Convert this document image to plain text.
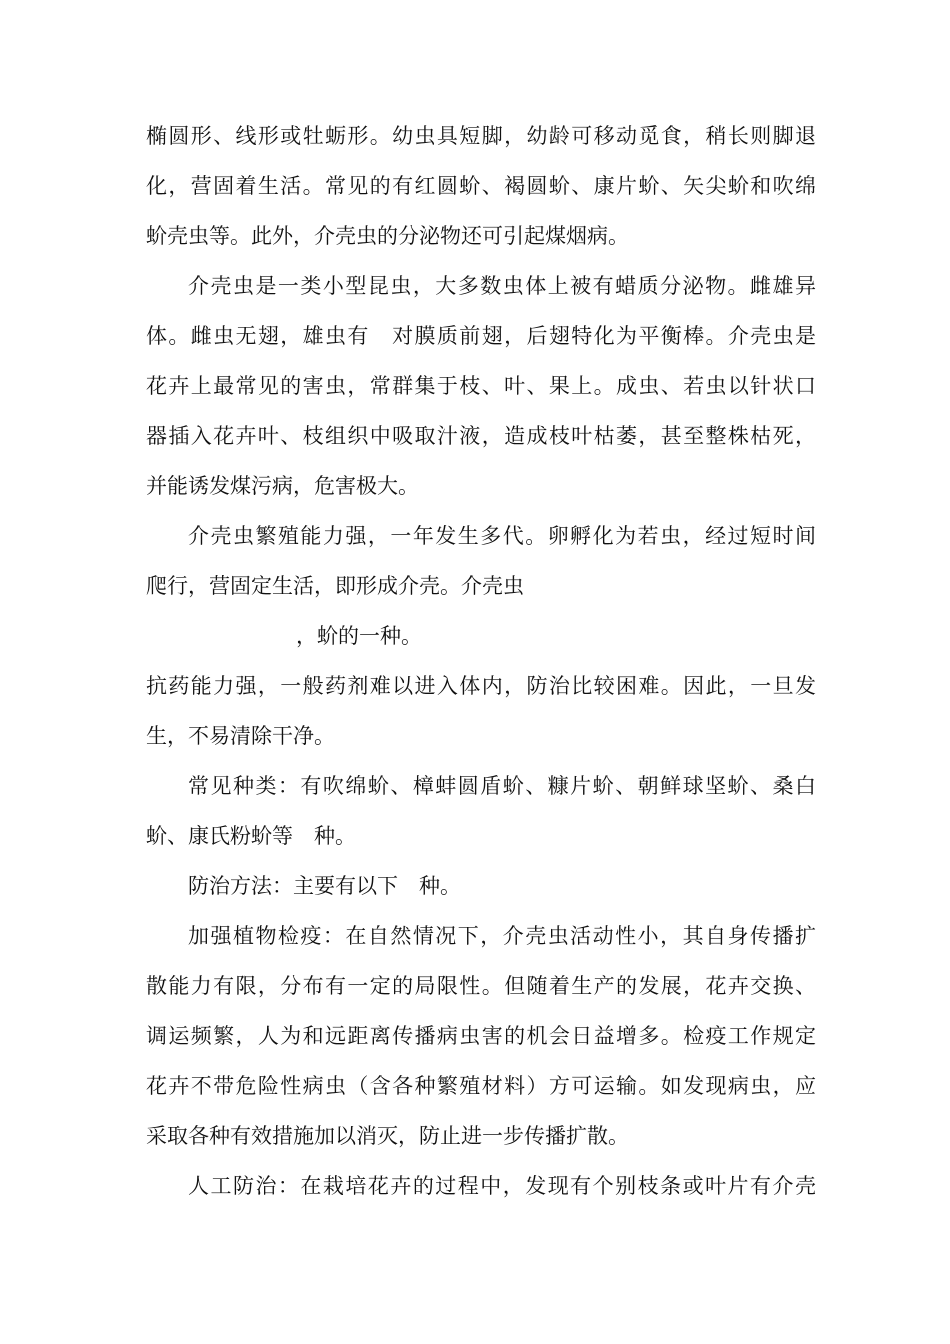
椭圆形、线形或牡蛎形。幼虫具短脚，幼龄可移动觅食，稍长则脚退
化，营固着生活。常见的有红圆蚧、褐圆蚧、康片蚧、矢尖蚧和吹绵
蚧壳虫等。此外，介壳虫的分泌物还可引起煤烟病。
介壳虫是一类小型昆虫，大多数虫体上被有蜡质分泌物。雌雄异
体。雌虫无翅，雄虫有　对膜质前翅，后翅特化为平衡棒。介壳虫是
花卉上最常见的害虫，常群集于枝、叶、果上。成虫、若虫以针状口
器插入花卉叶、枝组织中吸取汁液，造成枝叶枯萎，甚至整株枯死，
并能诱发煤污病，危害极大。
介壳虫繁殖能力强，一年发生多代。卵孵化为若虫，经过短时间
爬行，营固定生活，即形成介壳。介壳虫
，蚧的一种。
抗药能力强，一般药剂难以进入体内，防治比较困难。因此，一旦发
生，不易清除干净。
常见种类：有吹绵蚧、樟蚌圆盾蚧、糠片蚧、朝鲜球坚蚧、桑白
蚧、康氏粉蚧等　种。
防治方法：主要有以下　种。
加强植物检疫：在自然情况下，介壳虫活动性小，其自身传播扩
散能力有限，分布有一定的局限性。但随着生产的发展，花卉交换、
调运频繁，人为和远距离传播病虫害的机会日益增多。检疫工作规定
花卉不带危险性病虫（含各种繁殖材料）方可运输。如发现病虫，应
采取各种有效措施加以消灭，防止进一步传播扩散。
人工防治：在栽培花卉的过程中，发现有个别枝条或叶片有介壳
